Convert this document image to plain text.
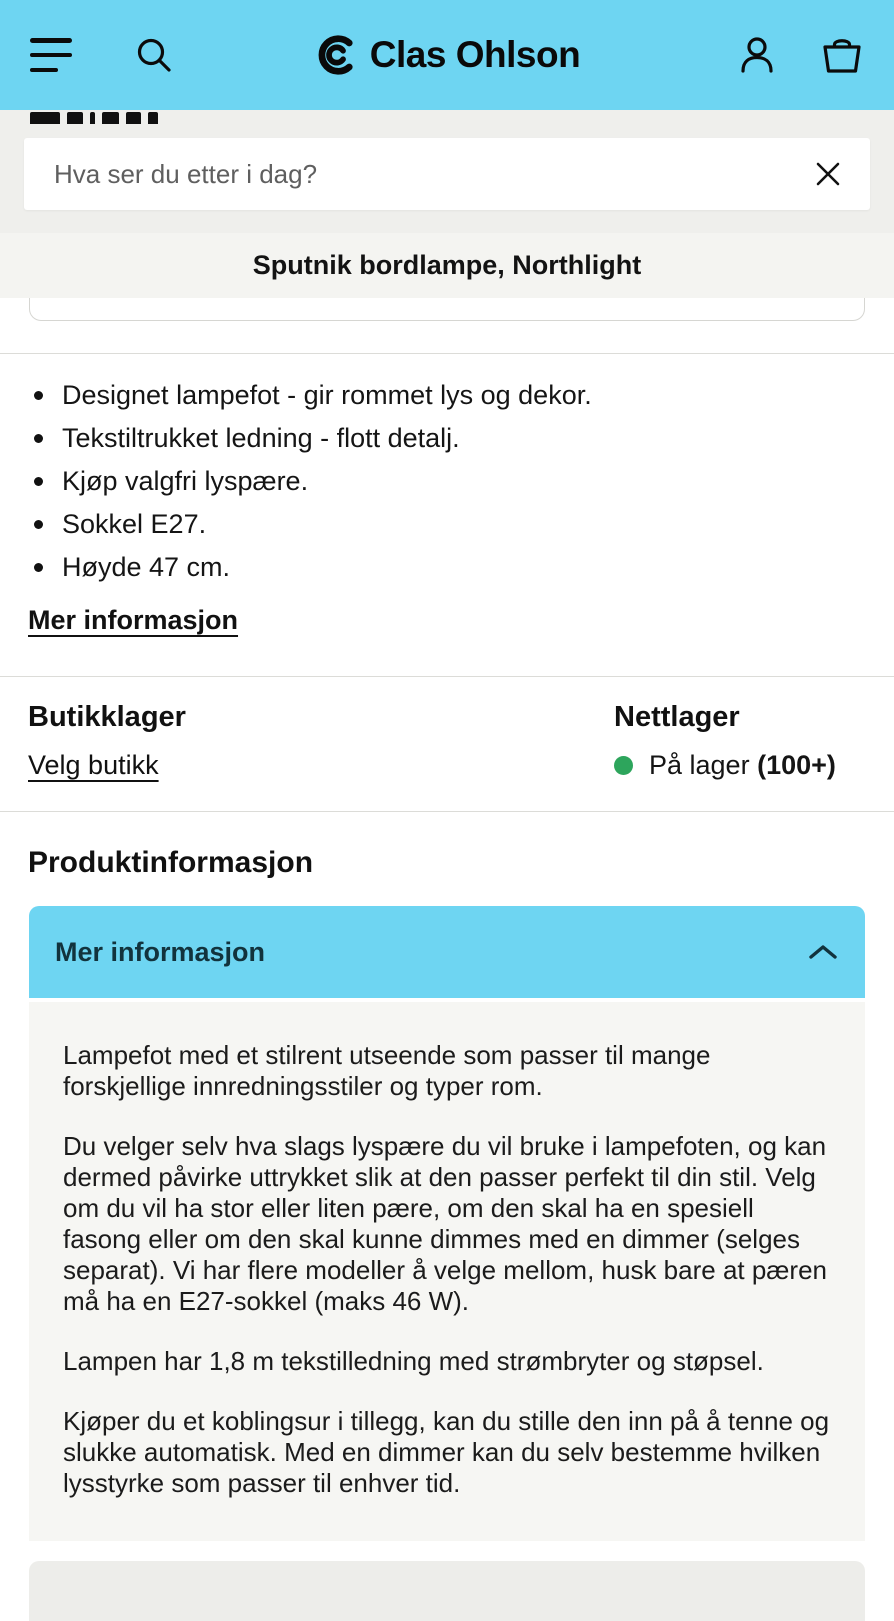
Clas Ohlson
Hva ser du etter i dag?
Sputnik bordlampe, Northlight
Designet lampefot - gir rommet lys og dekor.
Tekstiltrukket ledning - flott detalj.
Kjøp valgfri lyspære.
Sokkel E27.
Høyde 47 cm.
Mer informasjon
Butikklager
Velg butikk
Nettlager
På lager (100+)
Produktinformasjon
Mer informasjon

Lampefot med et stilrent utseende som passer til mange forskjellige innredningsstiler og typer rom.

Du velger selv hva slags lyspære du vil bruke i lampefoten, og kan dermed påvirke uttrykket slik at den passer perfekt til din stil. Velg om du vil ha stor eller liten pære, om den skal ha en spesiell fasong eller om den skal kunne dimmes med en dimmer (selges separat). Vi har flere modeller å velge mellom, husk bare at pæren må ha en E27-sokkel (maks 46 W).

Lampen har 1,8 m tekstilledning med strømbryter og støpsel.

Kjøper du et koblingsur i tillegg, kan du stille den inn på å tenne og slukke automatisk. Med en dimmer kan du selv bestemme hvilken lysstyrke som passer til enhver tid.
